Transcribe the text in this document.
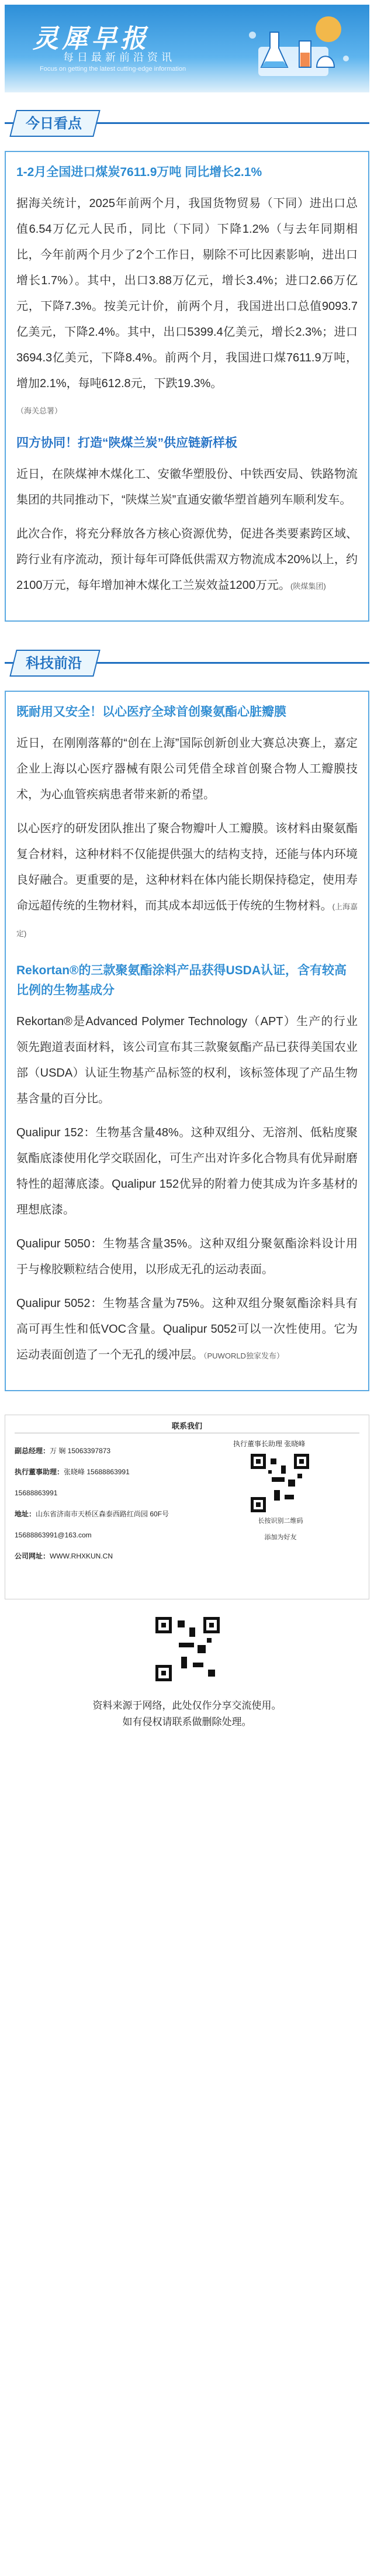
灵犀早报
每日最新前沿资讯
Focus on getting the latest cutting-edge information
今日看点
1-2月全国进口煤炭7611.9万吨 同比增长2.1%

据海关统计，2025年前两个月，我国货物贸易（下同）进出口总值6.54万亿元人民币，同比（下同）下降1.2%（与去年同期相比，今年前两个月少了2个工作日，剔除不可比因素影响，进出口增长1.7%）。其中，出口3.88万亿元，增长3.4%；进口2.66万亿元，下降7.3%。按美元计价，前两个月，我国进出口总值9093.7亿美元，下降2.4%。其中，出口5399.4亿美元，增长2.3%；进口3694.3亿美元，下降8.4%。前两个月，我国进口煤7611.9万吨，增加2.1%，每吨612.8元，下跌19.3%。

（海关总署）
四方协同！打造“陕煤兰炭”供应链新样板

近日，在陕煤神木煤化工、安徽华塑股份、中铁西安局、铁路物流集团的共同推动下，“陕煤兰炭”直通安徽华塑首趟列车顺利发车。

此次合作，将充分释放各方核心资源优势，促进各类要素跨区域、跨行业有序流动，预计每年可降低供需双方物流成本20%以上，约2100万元，每年增加神木煤化工兰炭效益1200万元。(陕煤集团)

科技前沿
既耐用又安全！以心医疗全球首创聚氨酯心脏瓣膜

近日，在刚刚落幕的“创在上海”国际创新创业大赛总决赛上，嘉定企业上海以心医疗器械有限公司凭借全球首创聚合物人工瓣膜技术，为心血管疾病患者带来新的希望。

以心医疗的研发团队推出了聚合物瓣叶人工瓣膜。该材料由聚氨酯复合材料，这种材料不仅能提供强大的结构支持，还能与体内环境良好融合。更重要的是，这种材料在体内能长期保持稳定，使用寿命远超传统的生物材料，而其成本却远低于传统的生物材料。(上海嘉定)

Rekortan®的三款聚氨酯涂料产品获得USDA认证，含有较高比例的生物基成分

Rekortan®是Advanced Polymer Technology（APT）生产的行业领先跑道表面材料，该公司宣布其三款聚氨酯产品已获得美国农业部（USDA）认证生物基产品标签的权利，该标签体现了产品生物基含量的百分比。

Qualipur 152：生物基含量48%。这种双组分、无溶剂、低粘度聚氨酯底漆使用化学交联固化，可生产出对许多化合物具有优异耐磨特性的超薄底漆。Qualipur 152优异的附着力使其成为许多基材的理想底漆。

Qualipur 5050：生物基含量35%。这种双组分聚氨酯涂料设计用于与橡胶颗粒结合使用，以形成无孔的运动表面。

Qualipur 5052：生物基含量为75%。这种双组分聚氨酯涂料具有高可再生性和低VOC含量。Qualipur 5052可以一次性使用。它为运动表面创造了一个无孔的缓冲层。（PUWORLD独家发布）

联系我们
副总经理：万 娴 15063397873
执行董事助理：张晓峰 15688863991
15688863991
地址：山东省济南市天桥区森泰西路红尚园 60F号
15688863991@163.com
公司网址：WWW.RHXKUN.CN
执行董事长助理 张晓峰
长按识别二维码
添加为好友
资料来源于网络，此处仅作分享交流使用。
如有侵权请联系做删除处理。
